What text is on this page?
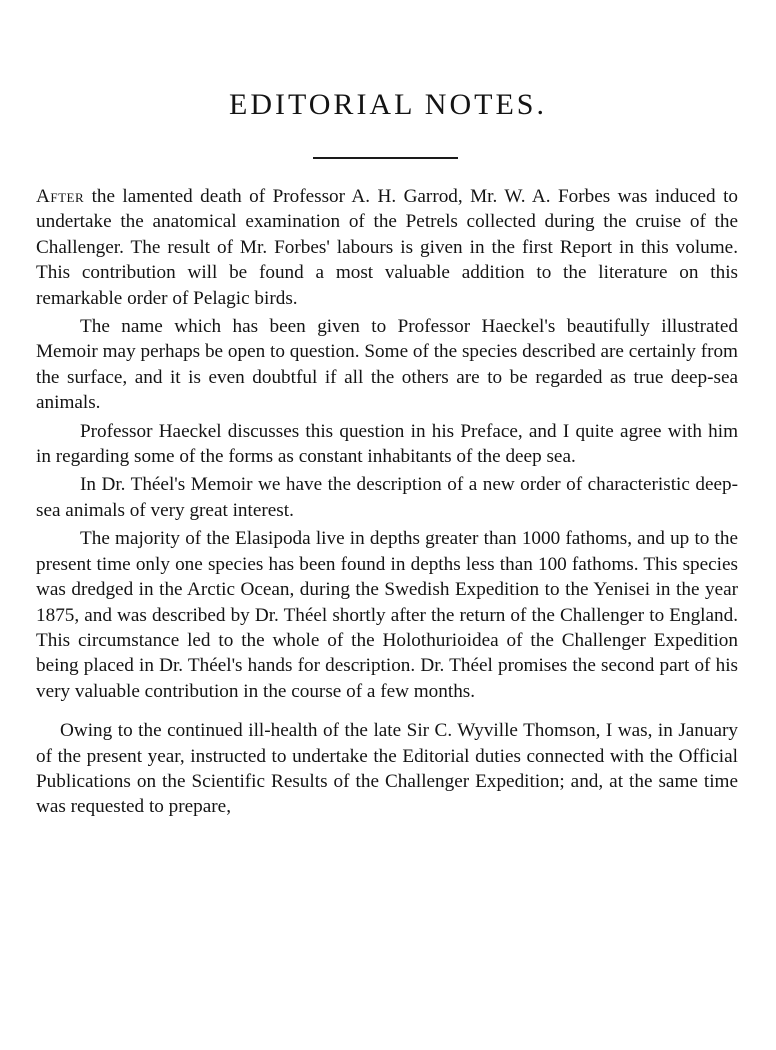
EDITORIAL NOTES.

After the lamented death of Professor A. H. Garrod, Mr. W. A. Forbes was induced to undertake the anatomical examination of the Petrels collected during the cruise of the Challenger. The result of Mr. Forbes' labours is given in the first Report in this volume. This contribution will be found a most valuable addition to the literature on this remarkable order of Pelagic birds.

The name which has been given to Professor Haeckel's beautifully illustrated Memoir may perhaps be open to question. Some of the species described are certainly from the surface, and it is even doubtful if all the others are to be regarded as true deep-sea animals.

Professor Haeckel discusses this question in his Preface, and I quite agree with him in regarding some of the forms as constant inhabitants of the deep sea.

In Dr. Théel's Memoir we have the description of a new order of characteristic deep-sea animals of very great interest.

The majority of the Elasipoda live in depths greater than 1000 fathoms, and up to the present time only one species has been found in depths less than 100 fathoms. This species was dredged in the Arctic Ocean, during the Swedish Expedition to the Yenisei in the year 1875, and was described by Dr. Théel shortly after the return of the Challenger to England. This circumstance led to the whole of the Holothurioidea of the Challenger Expedition being placed in Dr. Théel's hands for description. Dr. Théel promises the second part of his very valuable contribution in the course of a few months.

Owing to the continued ill-health of the late Sir C. Wyville Thomson, I was, in January of the present year, instructed to undertake the Editorial duties connected with the Official Publications on the Scientific Results of the Challenger Expedition; and, at the same time was requested to prepare,
